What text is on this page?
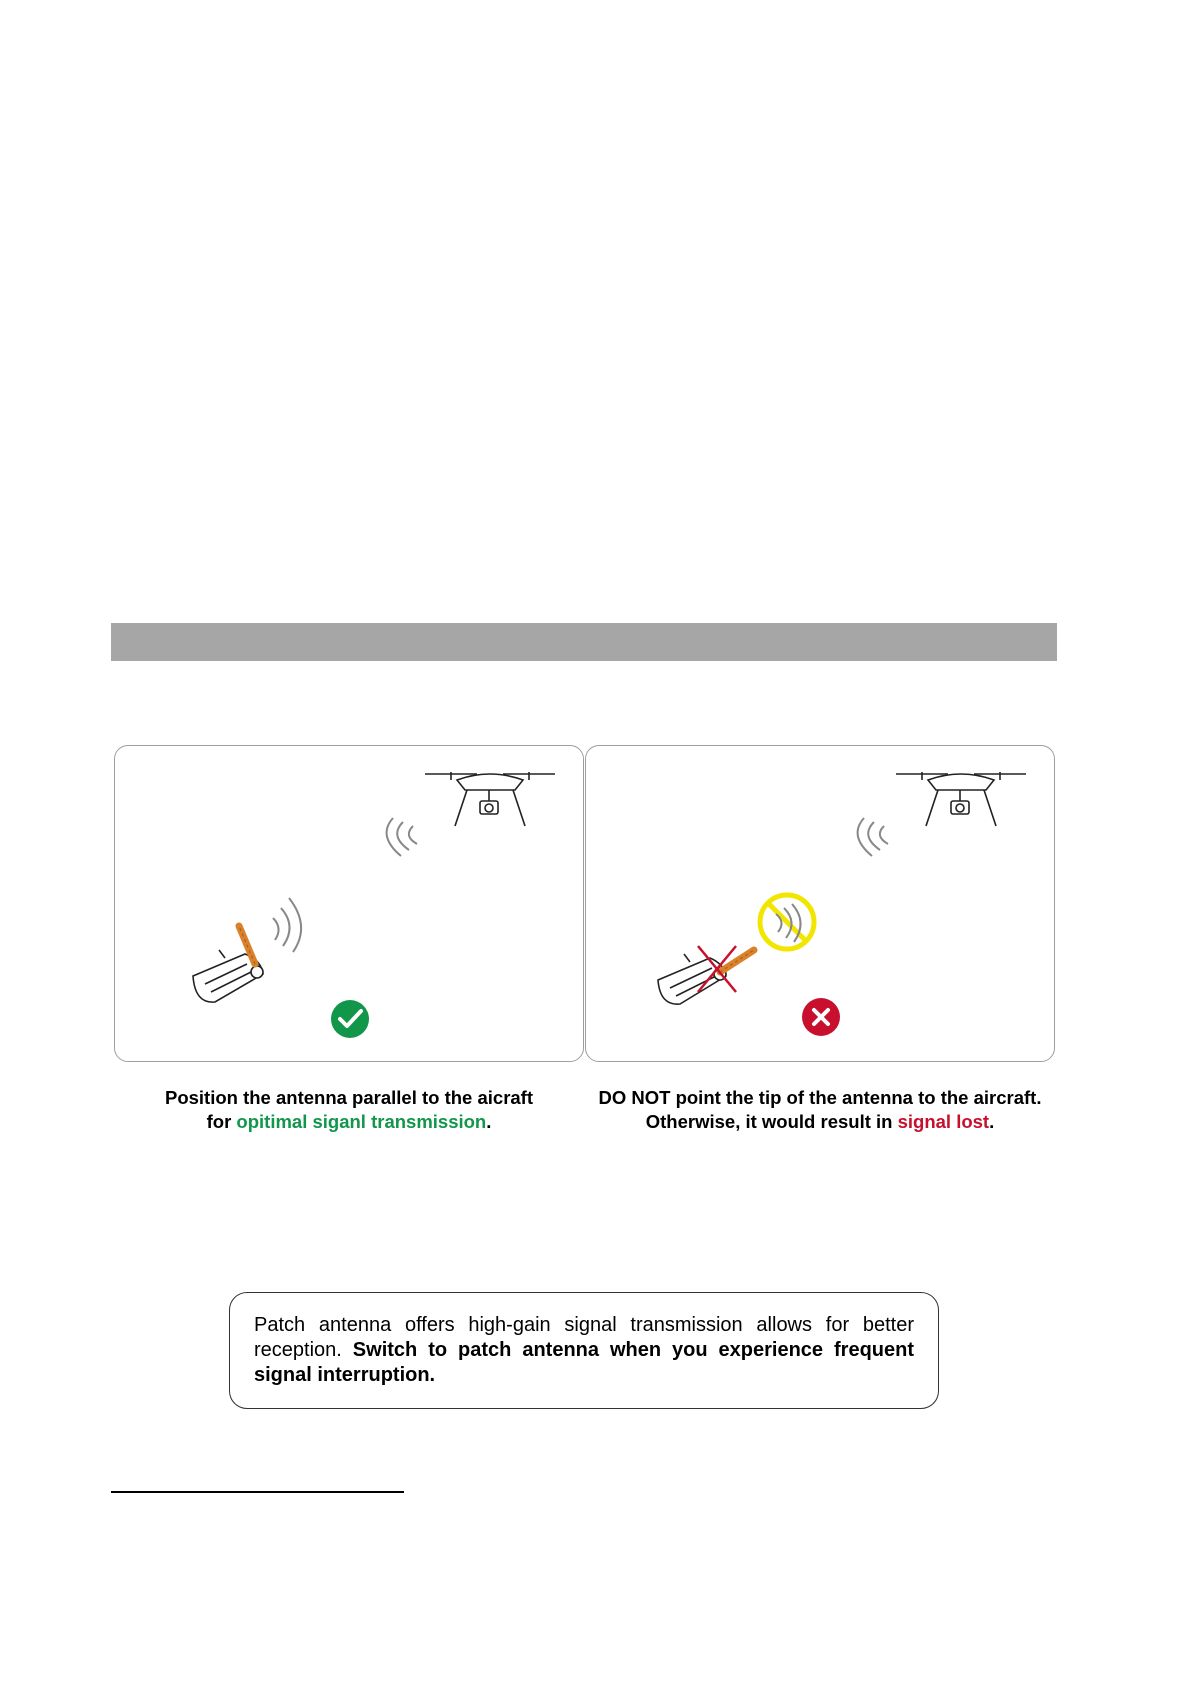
Position the antenna parallel to the aicraft
for opitimal siganl transmission.
DO NOT point the tip of the antenna to the aircraft.
Otherwise, it would result in signal lost.
Patch antenna offers high-gain signal transmission allows for better reception. Switch to patch antenna when you experience frequent signal interruption.
